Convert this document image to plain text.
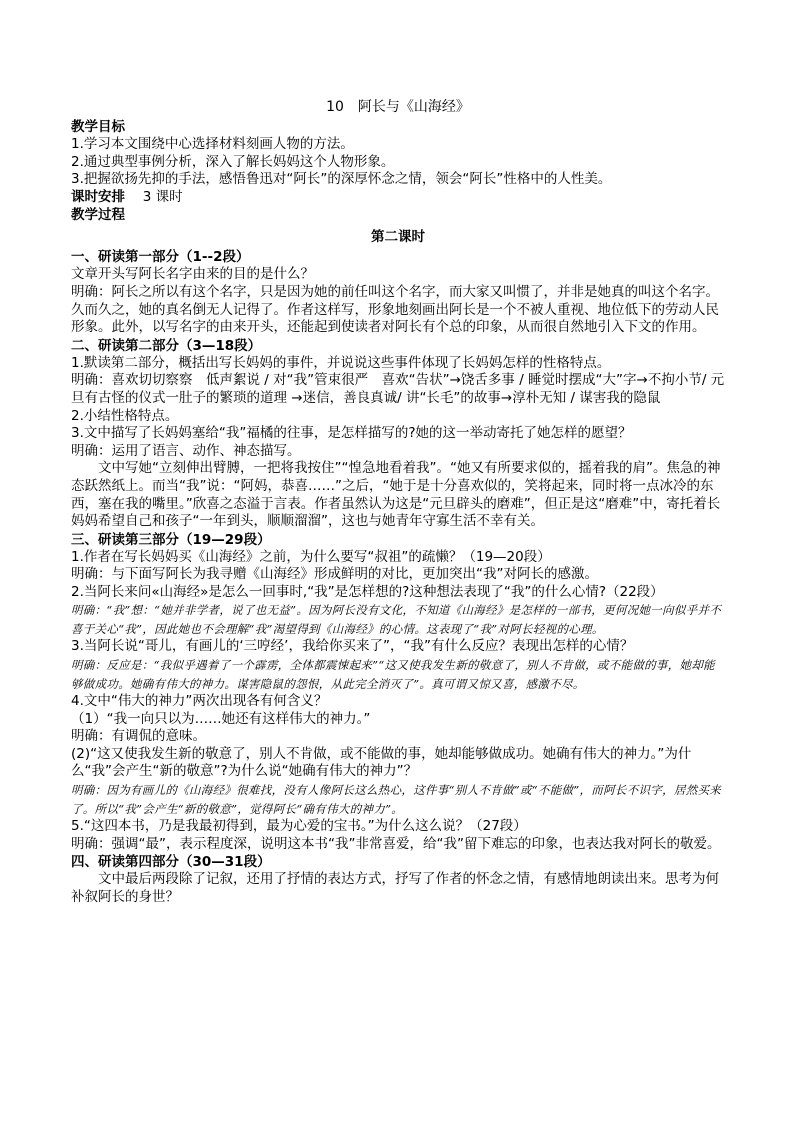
10　阿长与《山海经》
教学目标

1.学习本文围绕中心选择材料刻画人物的方法。

2.通过典型事例分析，深入了解长妈妈这个人物形象。

3.把握欲扬先抑的手法，感悟鲁迅对“阿长”的深厚怀念之情，领会“阿长”性格中的人性美。

课时安排　 3 课时

教学过程
第二课时
一、研读第一部分（1--2段）

文章开头写阿长名字由来的目的是什么？

明确：阿长之所以有这个名字，只是因为她的前任叫这个名字，而大家又叫惯了，并非是她真的叫这个名字。久而久之，她的真名倒无人记得了。作者这样写，形象地刻画出阿长是一个不被人重视、地位低下的劳动人民形象。此外，以写名字的由来开头，还能起到使读者对阿长有个总的印象，从而很自然地引入下文的作用。

二、研读第二部分（3—18段）

1.默读第二部分，概括出写长妈妈的事件，并说说这些事件体现了长妈妈怎样的性格特点。

明确：喜欢切切察察　低声絮说 / 对“我”管束很严　喜欢“告状”→饶舌多事 / 睡觉时摆成“大”字→不拘小节/ 元旦有古怪的仪式一肚子的繁琐的道理 →迷信，善良真诚/ 讲“长毛”的故事→淳朴无知 / 谋害我的隐鼠

2.小结性格特点。

3.文中描写了长妈妈塞给“我”福橘的往事，是怎样描写的?她的这一举动寄托了她怎样的愿望？

明确：运用了语言、动作、神态描写。

文中写她“立刻伸出臂膊，一把将我按住”“惶急地看着我”。“她又有所要求似的，摇着我的肩”。焦急的神态跃然纸上。而当“我”说：“阿妈，恭喜……”之后，“她于是十分喜欢似的，笑将起来，同时将一点冰冷的东西，塞在我的嘴里。”欣喜之态溢于言表。作者虽然认为这是“元旦辟头的磨难”，但正是这“磨难”中，寄托着长妈妈希望自己和孩子“一年到头，顺顺溜溜”，这也与她青年守寡生活不幸有关。

三、研读第三部分（19—29段）

1.作者在写长妈妈买《山海经》之前，为什么要写“叔祖”的疏懒？（19—20段）

明确：与下面写阿长为我寻赠《山海经》形成鲜明的对比，更加突出“我”对阿长的感激。

2.当阿长来问«山海经»是怎么一回事时,“我”是怎样想的?这种想法表现了“我”的什么心情?（22段）

明确：“我”想：“她并非学者，说了也无益”。因为阿长没有文化，不知道《山海经》是怎样的一部书，更何况她一向似乎并不喜于关心“我”，因此她也不会理解“我”渴望得到《山海经》的心情。这表现了“我”对阿长轻视的心理。

3.当阿长说“哥儿，有画儿的‘三哼经’，我给你买来了”，“我”有什么反应？表现出怎样的心情？

明确：反应是：“我似乎遇着了一个霹雳，全体都震悚起来”“这又使我发生新的敬意了，别人不肯做，或不能做的事，她却能够做成功。她确有伟大的神力。谋害隐鼠的怨恨，从此完全消灭了”。真可谓又惊又喜，感激不尽。

4.文中“伟大的神力”两次出现各有何含义？

（1）“我一向只以为……她还有这样伟大的神力。”

明确：有调侃的意味。

(2)“这又使我发生新的敬意了，别人不肯做，或不能做的事，她却能够做成功。她确有伟大的神力。”为什么“我”会产生“新的敬意”?为什么说“她确有伟大的神力”？

明确：因为有画儿的《山海经》很难找，没有人像阿长这么热心，这件事“别人不肯做”或“不能做”，而阿长不识字，居然买来了。所以“我”会产生“新的敬意”，觉得阿长“确有伟大的神力”。

5.“这四本书，乃是我最初得到，最为心爱的宝书。”为什么这么说？（27段）

明确：强调“最”，表示程度深，说明这本书“我”非常喜爱，给“我”留下难忘的印象，也表达我对阿长的敬爱。

四、研读第四部分（30—31段）

文中最后两段除了记叙，还用了抒情的表达方式，抒写了作者的怀念之情，有感情地朗读出来。思考为何补叙阿长的身世？
